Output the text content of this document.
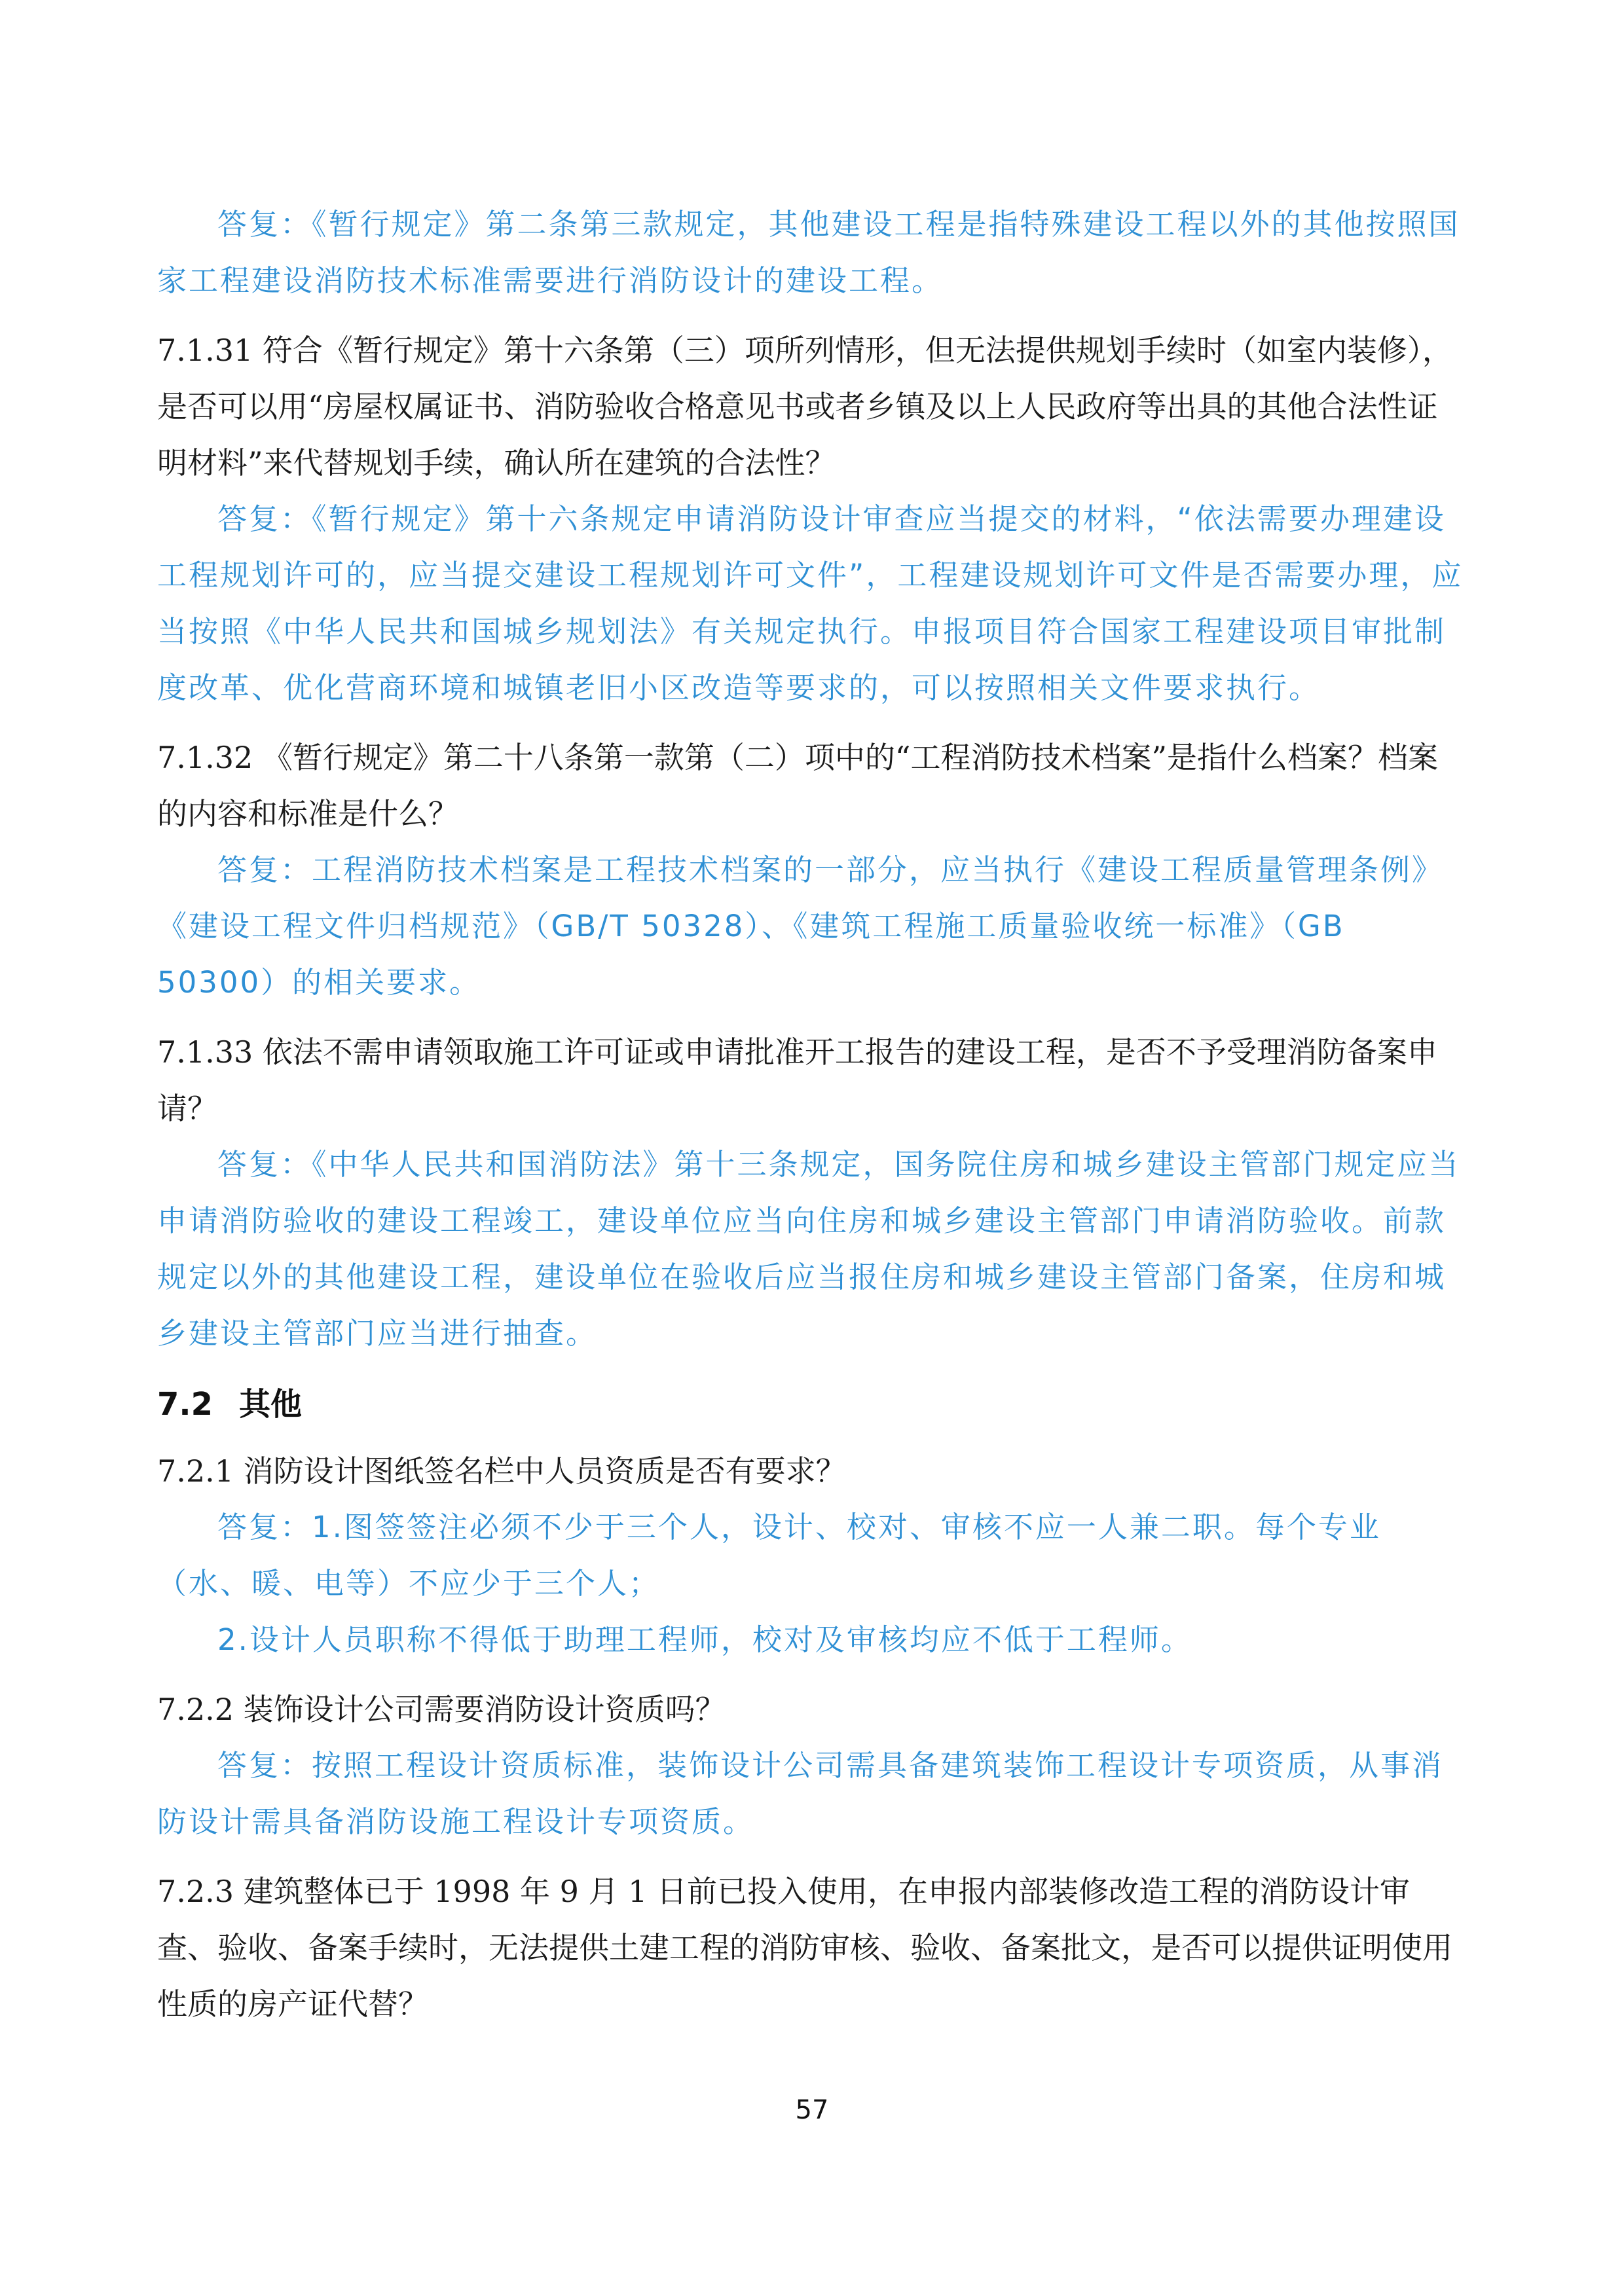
答复：《暂行规定》第二条第三款规定，其他建设工程是指特殊建设工程以外的其他按照国家工程建设消防技术标准需要进行消防设计的建设工程。

7.1.31 符合《暂行规定》第十六条第（三）项所列情形，但无法提供规划手续时（如室内装修），是否可以用“房屋权属证书、消防验收合格意见书或者乡镇及以上人民政府等出具的其他合法性证明材料”来代替规划手续，确认所在建筑的合法性？

答复：《暂行规定》第十六条规定申请消防设计审查应当提交的材料，“依法需要办理建设工程规划许可的，应当提交建设工程规划许可文件”，工程建设规划许可文件是否需要办理，应当按照《中华人民共和国城乡规划法》有关规定执行。申报项目符合国家工程建设项目审批制度改革、优化营商环境和城镇老旧小区改造等要求的，可以按照相关文件要求执行。

7.1.32 《暂行规定》第二十八条第一款第（二）项中的“工程消防技术档案”是指什么档案？档案的内容和标准是什么？

答复：工程消防技术档案是工程技术档案的一部分，应当执行《建设工程质量管理条例》《建设工程文件归档规范》（GB/T 50328）、《建筑工程施工质量验收统一标准》（GB 50300）的相关要求。

7.1.33 依法不需申请领取施工许可证或申请批准开工报告的建设工程，是否不予受理消防备案申请？

答复：《中华人民共和国消防法》第十三条规定，国务院住房和城乡建设主管部门规定应当申请消防验收的建设工程竣工，建设单位应当向住房和城乡建设主管部门申请消防验收。前款规定以外的其他建设工程，建设单位在验收后应当报住房和城乡建设主管部门备案，住房和城乡建设主管部门应当进行抽查。

7.2 其他

7.2.1 消防设计图纸签名栏中人员资质是否有要求？

答复：1.图签签注必须不少于三个人，设计、校对、审核不应一人兼二职。每个专业（水、暖、电等）不应少于三个人；

2.设计人员职称不得低于助理工程师，校对及审核均应不低于工程师。

7.2.2 装饰设计公司需要消防设计资质吗？

答复：按照工程设计资质标准，装饰设计公司需具备建筑装饰工程设计专项资质，从事消防设计需具备消防设施工程设计专项资质。

7.2.3 建筑整体已于 1998 年 9 月 1 日前已投入使用，在申报内部装修改造工程的消防设计审查、验收、备案手续时，无法提供土建工程的消防审核、验收、备案批文，是否可以提供证明使用性质的房产证代替？

57
